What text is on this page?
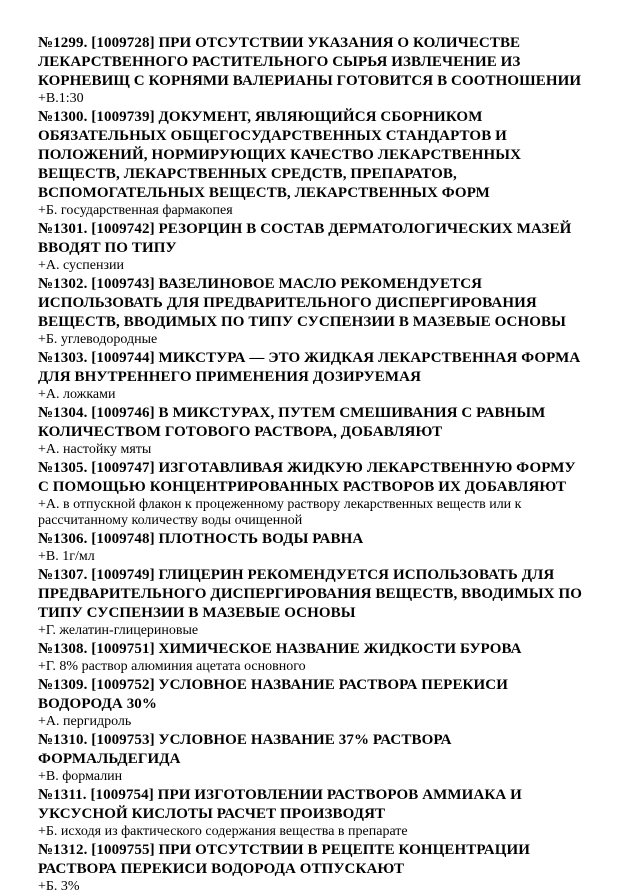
№1299. [1009728] ПРИ ОТСУТСТВИИ УКАЗАНИЯ О КОЛИЧЕСТВЕ ЛЕКАРСТВЕННОГО РАСТИТЕЛЬНОГО СЫРЬЯ ИЗВЛЕЧЕНИЕ ИЗ КОРНЕВИЩ С КОРНЯМИ ВАЛЕРИАНЫ ГОТОВИТСЯ В СООТНОШЕНИИ

+В.1:30

№1300. [1009739] ДОКУМЕНТ, ЯВЛЯЮЩИЙСЯ СБОРНИКОМ ОБЯЗАТЕЛЬНЫХ ОБЩЕГОСУДАРСТВЕННЫХ СТАНДАРТОВ И ПОЛОЖЕНИЙ, НОРМИРУЮЩИХ КАЧЕСТВО ЛЕКАРСТВЕННЫХ ВЕЩЕСТВ, ЛЕКАРСТВЕННЫХ СРЕДСТВ, ПРЕПАРАТОВ, ВСПОМОГАТЕЛЬНЫХ ВЕЩЕСТВ, ЛЕКАРСТВЕННЫХ ФОРМ

+Б. государственная фармакопея

№1301. [1009742] РЕЗОРЦИН В СОСТАВ ДЕРМАТОЛОГИЧЕСКИХ МАЗЕЙ ВВОДЯТ ПО ТИПУ

+А. суспензии

№1302. [1009743] ВАЗЕЛИНОВОЕ МАСЛО РЕКОМЕНДУЕТСЯ ИСПОЛЬЗОВАТЬ ДЛЯ ПРЕДВАРИТЕЛЬНОГО ДИСПЕРГИРОВАНИЯ ВЕЩЕСТВ, ВВОДИМЫХ ПО ТИПУ СУСПЕНЗИИ В МАЗЕВЫЕ ОСНОВЫ

+Б. углеводородные

№1303. [1009744] МИКСТУРА — ЭТО ЖИДКАЯ ЛЕКАРСТВЕННАЯ ФОРМА ДЛЯ ВНУТРЕННЕГО ПРИМЕНЕНИЯ ДОЗИРУЕМАЯ

+А. ложками

№1304. [1009746] В МИКСТУРАХ, ПУТЕМ СМЕШИВАНИЯ С РАВНЫМ КОЛИЧЕСТВОМ ГОТОВОГО РАСТВОРА, ДОБАВЛЯЮТ

+А. настойку мяты

№1305. [1009747] ИЗГОТАВЛИВАЯ ЖИДКУЮ ЛЕКАРСТВЕННУЮ ФОРМУ С ПОМОЩЬЮ КОНЦЕНТРИРОВАННЫХ РАСТВОРОВ ИХ ДОБАВЛЯЮТ

+А. в отпускной флакон к процеженному раствору лекарственных веществ или к рассчитанному количеству воды очищенной

№1306. [1009748] ПЛОТНОСТЬ ВОДЫ РАВНА

+В. 1г/мл

№1307. [1009749] ГЛИЦЕРИН РЕКОМЕНДУЕТСЯ ИСПОЛЬЗОВАТЬ ДЛЯ ПРЕДВАРИТЕЛЬНОГО ДИСПЕРГИРОВАНИЯ ВЕЩЕСТВ, ВВОДИМЫХ ПО ТИПУ СУСПЕНЗИИ В МАЗЕВЫЕ ОСНОВЫ

+Г. желатин-глицериновые

№1308. [1009751] ХИМИЧЕСКОЕ НАЗВАНИЕ ЖИДКОСТИ БУРОВА

+Г. 8% раствор алюминия ацетата основного

№1309. [1009752] УСЛОВНОЕ НАЗВАНИЕ РАСТВОРА ПЕРЕКИСИ ВОДОРОДА 30%

+А. пергидроль

№1310. [1009753] УСЛОВНОЕ НАЗВАНИЕ 37% РАСТВОРА ФОРМАЛЬДЕГИДА

+В. формалин

№1311. [1009754] ПРИ ИЗГОТОВЛЕНИИ РАСТВОРОВ АММИАКА И УКСУСНОЙ КИСЛОТЫ РАСЧЕТ ПРОИЗВОДЯТ

+Б. исходя из фактического содержания вещества в препарате

№1312. [1009755] ПРИ ОТСУТСТВИИ В РЕЦЕПТЕ КОНЦЕНТРАЦИИ РАСТВОРА ПЕРЕКИСИ ВОДОРОДА ОТПУСКАЮТ

+Б. 3%
